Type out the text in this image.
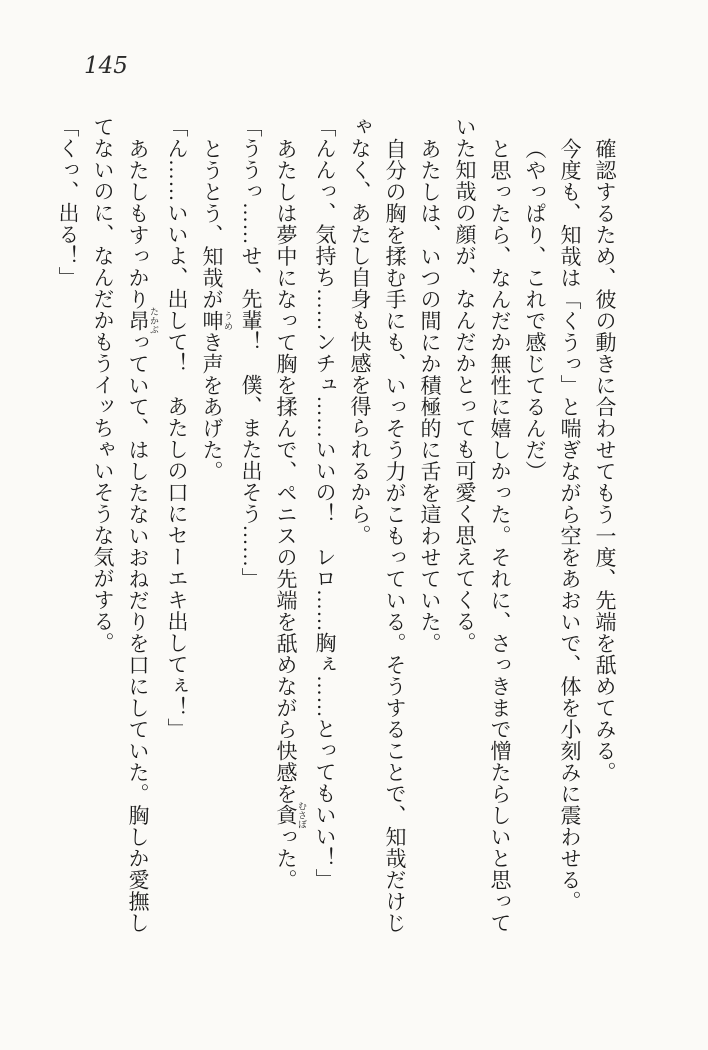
145

確認するため、彼の動きに合わせてもう一度、先端を舐めてみる。

今度も、知哉は「くうっ」と喘ぎながら空をあおいで、体を小刻みに震わせる。

（やっぱり、これで感じてるんだ）

と思ったら、なんだか無性に嬉しかった。それに、さっきまで憎たらしいと思って

いた知哉の顔が、なんだかとっても可愛く思えてくる。

あたしは、いつの間にか積極的に舌を這わせていた。

自分の胸を揉む手にも、いっそう力がこもっている。そうすることで、知哉だけじ

ゃなく、あたし自身も快感を得られるから。

「んんっ、気持ち……ンチュ……いいの！　レロ……胸ぇ……とってもいい！」

あたしは夢中になって胸を揉んで、ペニスの先端を舐めながら快感を貪 むさぼった。

「ううっ……せ、先輩！　僕、また出そう……」

とうとう、知哉が呻 うめき声をあげた。

「ん……いいよ、出して！　あたしの口にセーエキ出してぇ！」

あたしもすっかり昂 たかぶっていて、はしたないおねだりを口にしていた。胸しか愛撫し

てないのに、なんだかもうイッちゃいそうな気がする。

「くっ、出る！」
